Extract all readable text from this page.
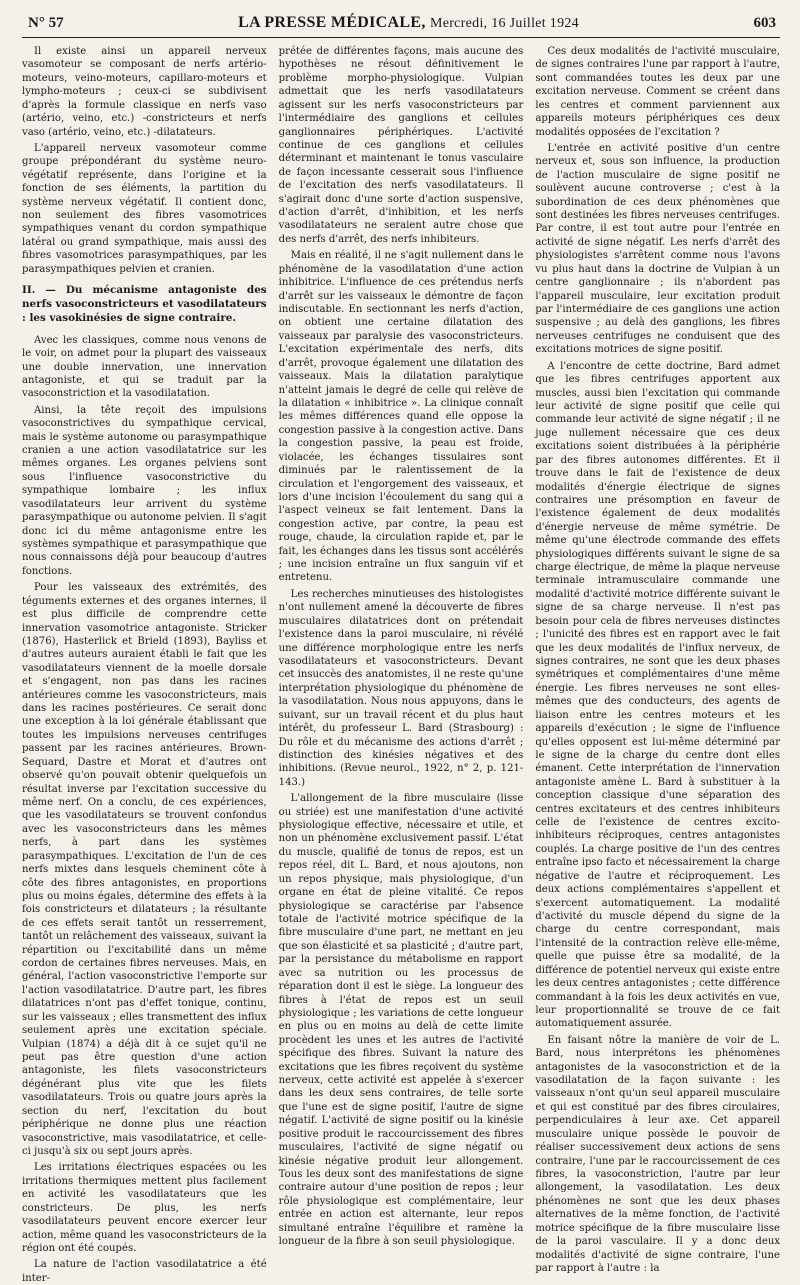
N° 57	LA PRESSE MÉDICALE, Mercredi, 16 Juillet 1924	603

Il existe ainsi un appareil nerveux vasomoteur se composant de nerfs artério-moteurs, veino-moteurs, capillaro-moteurs et lympho-moteurs ; ceux-ci se subdivisent d'après la formule classique en nerfs vaso (artério, veino, etc.) -constricteurs et nerfs vaso (artério, veino, etc.) -dilatateurs.

L'appareil nerveux vasomoteur comme groupe prépondérant du système neuro-végétatif représente, dans l'origine et la fonction de ses éléments, la partition du système nerveux végétatif. Il contient donc, non seulement des fibres vasomotrices sympathiques venant du cordon sympathique latéral ou grand sympathique, mais aussi des fibres vasomotrices parasympathiques, par les parasympathiques pelvien et cranien.

II. — Du mécanisme antagoniste des nerfs vasoconstricteurs et vasodilatateurs : les vasokinésies de signe contraire.

Avec les classiques, comme nous venons de le voir, on admet pour la plupart des vaisseaux une double innervation, une innervation antagoniste, et qui se traduit par la vasoconstriction et la vasodilatation.

Ainsi, la tête reçoit des impulsions vasoconstrictives du sympathique cervical, mais le système autonome ou parasympathique cranien a une action vasodilatatrice sur les mêmes organes. Les organes pelviens sont sous l'influence vasoconstrictive du sympathique lombaire ; les influx vasodilatateurs leur arrivent du système parasympathique ou autonome pelvien. Il s'agit donc ici du même antagonisme entre les systèmes sympathique et parasympathique que nous connaissons déjà pour beaucoup d'autres fonctions.

Pour les vaisseaux des extrémités, des téguments externes et des organes internes, il est plus difficile de comprendre cette innervation vasomotrice antagoniste. Stricker (1876), Hasterlick et Brield (1893), Bayliss et d'autres auteurs auraient établi le fait que les vasodilatateurs viennent de la moelle dorsale et s'engagent, non pas dans les racines antérieures comme les vasoconstricteurs, mais dans les racines postérieures. Ce serait donc une exception à la loi générale établissant que toutes les impulsions nerveuses centrifuges passent par les racines antérieures. Brown-Sequard, Dastre et Morat et d'autres ont observé qu'on pouvait obtenir quelquefois un résultat inverse par l'excitation successive du même nerf. On a conclu, de ces expériences, que les vasodilatateurs se trouvent confondus avec les vasoconstricteurs dans les mêmes nerfs, à part dans les systèmes parasympathiques. L'excitation de l'un de ces nerfs mixtes dans lesquels cheminent côte à côte des fibres antagonistes, en proportions plus ou moins égales, détermine des effets à la fois constricteurs et dilatateurs ; la résultante de ces effets serait tantôt un resserrement, tantôt un relâchement des vaisseaux, suivant la répartition ou l'excitabilité dans un même cordon de certaines fibres nerveuses. Mais, en général, l'action vasoconstrictive l'emporte sur l'action vasodilatatrice. D'autre part, les fibres dilatatrices n'ont pas d'effet tonique, continu, sur les vaisseaux ; elles transmettent des influx seulement après une excitation spéciale. Vulpian (1874) a déjà dit à ce sujet qu'il ne peut pas être question d'une action antagoniste, les filets vasoconstricteurs dégénérant plus vite que les filets vasodilatateurs. Trois ou quatre jours après la section du nerf, l'excitation du bout périphérique ne donne plus une réaction vasoconstrictive, mais vasodilatatrice, et celle-ci jusqu'à six ou sept jours après.

Les irritations électriques espacées ou les irritations thermiques mettent plus facilement en activité les vasodilatateurs que les constricteurs. De plus, les nerfs vasodilatateurs peuvent encore exercer leur action, même quand les vasoconstricteurs de la région ont été coupés.

La nature de l'action vasodilatatrice a été inter-

prétée de différentes façons, mais aucune des hypothèses ne résout définitivement le problème morpho-physiologique. Vulpian admettait que les nerfs vasodilatateurs agissent sur les nerfs vasoconstricteurs par l'intermédiaire des ganglions et cellules ganglionnaires périphériques. L'activité continue de ces ganglions et cellules déterminant et maintenant le tonus vasculaire de façon incessante cesserait sous l'influence de l'excitation des nerfs vasodilatateurs. Il s'agirait donc d'une sorte d'action suspensive, d'action d'arrêt, d'inhibition, et les nerfs vasodilatateurs ne seraient autre chose que des nerfs d'arrêt, des nerfs inhibiteurs.

Mais en réalité, il ne s'agit nullement dans le phénomène de la vasodilatation d'une action inhibitrice. L'influence de ces prétendus nerfs d'arrêt sur les vaisseaux le démontre de façon indiscutable. En sectionnant les nerfs d'action, on obtient une certaine dilatation des vaisseaux par paralysie des vasoconstricteurs. L'excitation expérimentale des nerfs, dits d'arrêt, provoque également une dilatation des vaisseaux. Mais la dilatation paralytique n'atteint jamais le degré de celle qui relève de la dilatation « inhibitrice ». La clinique connaît les mêmes différences quand elle oppose la congestion passive à la congestion active. Dans la congestion passive, la peau est froide, violacée, les échanges tissulaires sont diminués par le ralentissement de la circulation et l'engorgement des vaisseaux, et lors d'une incision l'écoulement du sang qui a l'aspect veineux se fait lentement. Dans la congestion active, par contre, la peau est rouge, chaude, la circulation rapide et, par le fait, les échanges dans les tissus sont accélérés ; une incision entraîne un flux sanguin vif et entretenu.

Les recherches minutieuses des histologistes n'ont nullement amené la découverte de fibres musculaires dilatatrices dont on prétendait l'existence dans la paroi musculaire, ni révélé une différence morphologique entre les nerfs vasodilatateurs et vasoconstricteurs. Devant cet insuccès des anatomistes, il ne reste qu'une interprétation physiologique du phénomène de la vasodilatation. Nous nous appuyons, dans le suivant, sur un travail récent et du plus haut intérêt, du professeur L. Bard (Strasbourg) : Du rôle et du mécanisme des actions d'arrêt ; distinction des kinésies négatives et des inhibitions. (Revue neurol., 1922, n° 2, p. 121-143.)

L'allongement de la fibre musculaire (lisse ou striée) est une manifestation d'une activité physiologique effective, nécessaire et utile, et non un phénomène exclusivement passif. L'état du muscle, qualifié de tonus de repos, est un repos réel, dit L. Bard, et nous ajoutons, non un repos physique, mais physiologique, d'un organe en état de pleine vitalité. Ce repos physiologique se caractérise par l'absence totale de l'activité motrice spécifique de la fibre musculaire d'une part, ne mettant en jeu que son élasticité et sa plasticité ; d'autre part, par la persistance du métabolisme en rapport avec sa nutrition ou les processus de réparation dont il est le siège. La longueur des fibres à l'état de repos est un seuil physiologique ; les variations de cette longueur en plus ou en moins au delà de cette limite procèdent les unes et les autres de l'activité spécifique des fibres. Suivant la nature des excitations que les fibres reçoivent du système nerveux, cette activité est appelée à s'exercer dans les deux sens contraires, de telle sorte que l'une est de signe positif, l'autre de signe négatif. L'activité de signe positif ou la kinésie positive produit le raccourcissement des fibres musculaires, l'activité de signe négatif ou kinésie négative produit leur allongement. Tous les deux sont des manifestations de signe contraire autour d'une position de repos ; leur rôle physiologique est complémentaire, leur entrée en action est alternante, leur repos simultané entraîne l'équilibre et ramène la longueur de la fibre à son seuil physiologique.

Ces deux modalités de l'activité musculaire, de signes contraires l'une par rapport à l'autre, sont commandées toutes les deux par une excitation nerveuse. Comment se créent dans les centres et comment parviennent aux appareils moteurs périphériques ces deux modalités opposées de l'excitation ?

L'entrée en activité positive d'un centre nerveux et, sous son influence, la production de l'action musculaire de signe positif ne soulèvent aucune controverse ; c'est à la subordination de ces deux phénomènes que sont destinées les fibres nerveuses centrifuges. Par contre, il est tout autre pour l'entrée en activité de signe négatif. Les nerfs d'arrêt des physiologistes s'arrêtent comme nous l'avons vu plus haut dans la doctrine de Vulpian à un centre ganglionnaire ; ils n'abordent pas l'appareil musculaire, leur excitation produit par l'intermédiaire de ces ganglions une action suspensive ; au delà des ganglions, les fibres nerveuses centrifuges ne conduisent que des excitations motrices de signe positif.

A l'encontre de cette doctrine, Bard admet que les fibres centrifuges apportent aux muscles, aussi bien l'excitation qui commande leur activité de signe positif que celle qui commande leur activité de signe négatif ; il ne juge nullement nécessaire que ces deux excitations soient distribuées à la périphérie par des fibres autonomes différentes. Et il trouve dans le fait de l'existence de deux modalités d'énergie électrique de signes contraires une présomption en faveur de l'existence également de deux modalités d'énergie nerveuse de même symétrie. De même qu'une électrode commande des effets physiologiques différents suivant le signe de sa charge électrique, de même la plaque nerveuse terminale intramusculaire commande une modalité d'activité motrice différente suivant le signe de sa charge nerveuse. Il n'est pas besoin pour cela de fibres nerveuses distinctes ; l'unicité des fibres est en rapport avec le fait que les deux modalités de l'influx nerveux, de signes contraires, ne sont que les deux phases symétriques et complémentaires d'une même énergie. Les fibres nerveuses ne sont elles-mêmes que des conducteurs, des agents de liaison entre les centres moteurs et les appareils d'exécution ; le signe de l'influence qu'elles opposent est lui-même déterminé par le signe de la charge du centre dont elles émanent. Cette interprétation de l'innervation antagoniste amène L. Bard à substituer à la conception classique d'une séparation des centres excitateurs et des centres inhibiteurs celle de l'existence de centres excito-inhibiteurs réciproques, centres antagonistes couplés. La charge positive de l'un des centres entraîne ipso facto et nécessairement la charge négative de l'autre et réciproquement. Les deux actions complémentaires s'appellent et s'exercent automatiquement. La modalité d'activité du muscle dépend du signe de la charge du centre correspondant, mais l'intensité de la contraction relève elle-même, quelle que puisse être sa modalité, de la différence de potentiel nerveux qui existe entre les deux centres antagonistes ; cette différence commandant à la fois les deux activités en vue, leur proportionnalité se trouve de ce fait automatiquement assurée.

En faisant nôtre la manière de voir de L. Bard, nous interprétons les phénomènes antagonistes de la vasoconstriction et de la vasodilatation de la façon suivante : les vaisseaux n'ont qu'un seul appareil musculaire et qui est constitué par des fibres circulaires, perpendiculaires à leur axe. Cet appareil musculaire unique possède le pouvoir de réaliser successivement deux actions de sens contraire, l'une par le raccourcissement de ces fibres, la vasoconstriction, l'autre par leur allongement, la vasodilatation. Les deux phénomènes ne sont que les deux phases alternatives de la même fonction, de l'activité motrice spécifique de la fibre musculaire lisse de la paroi vasculaire. Il y a donc deux modalités d'activité de signe contraire, l'une par rapport à l'autre : la
